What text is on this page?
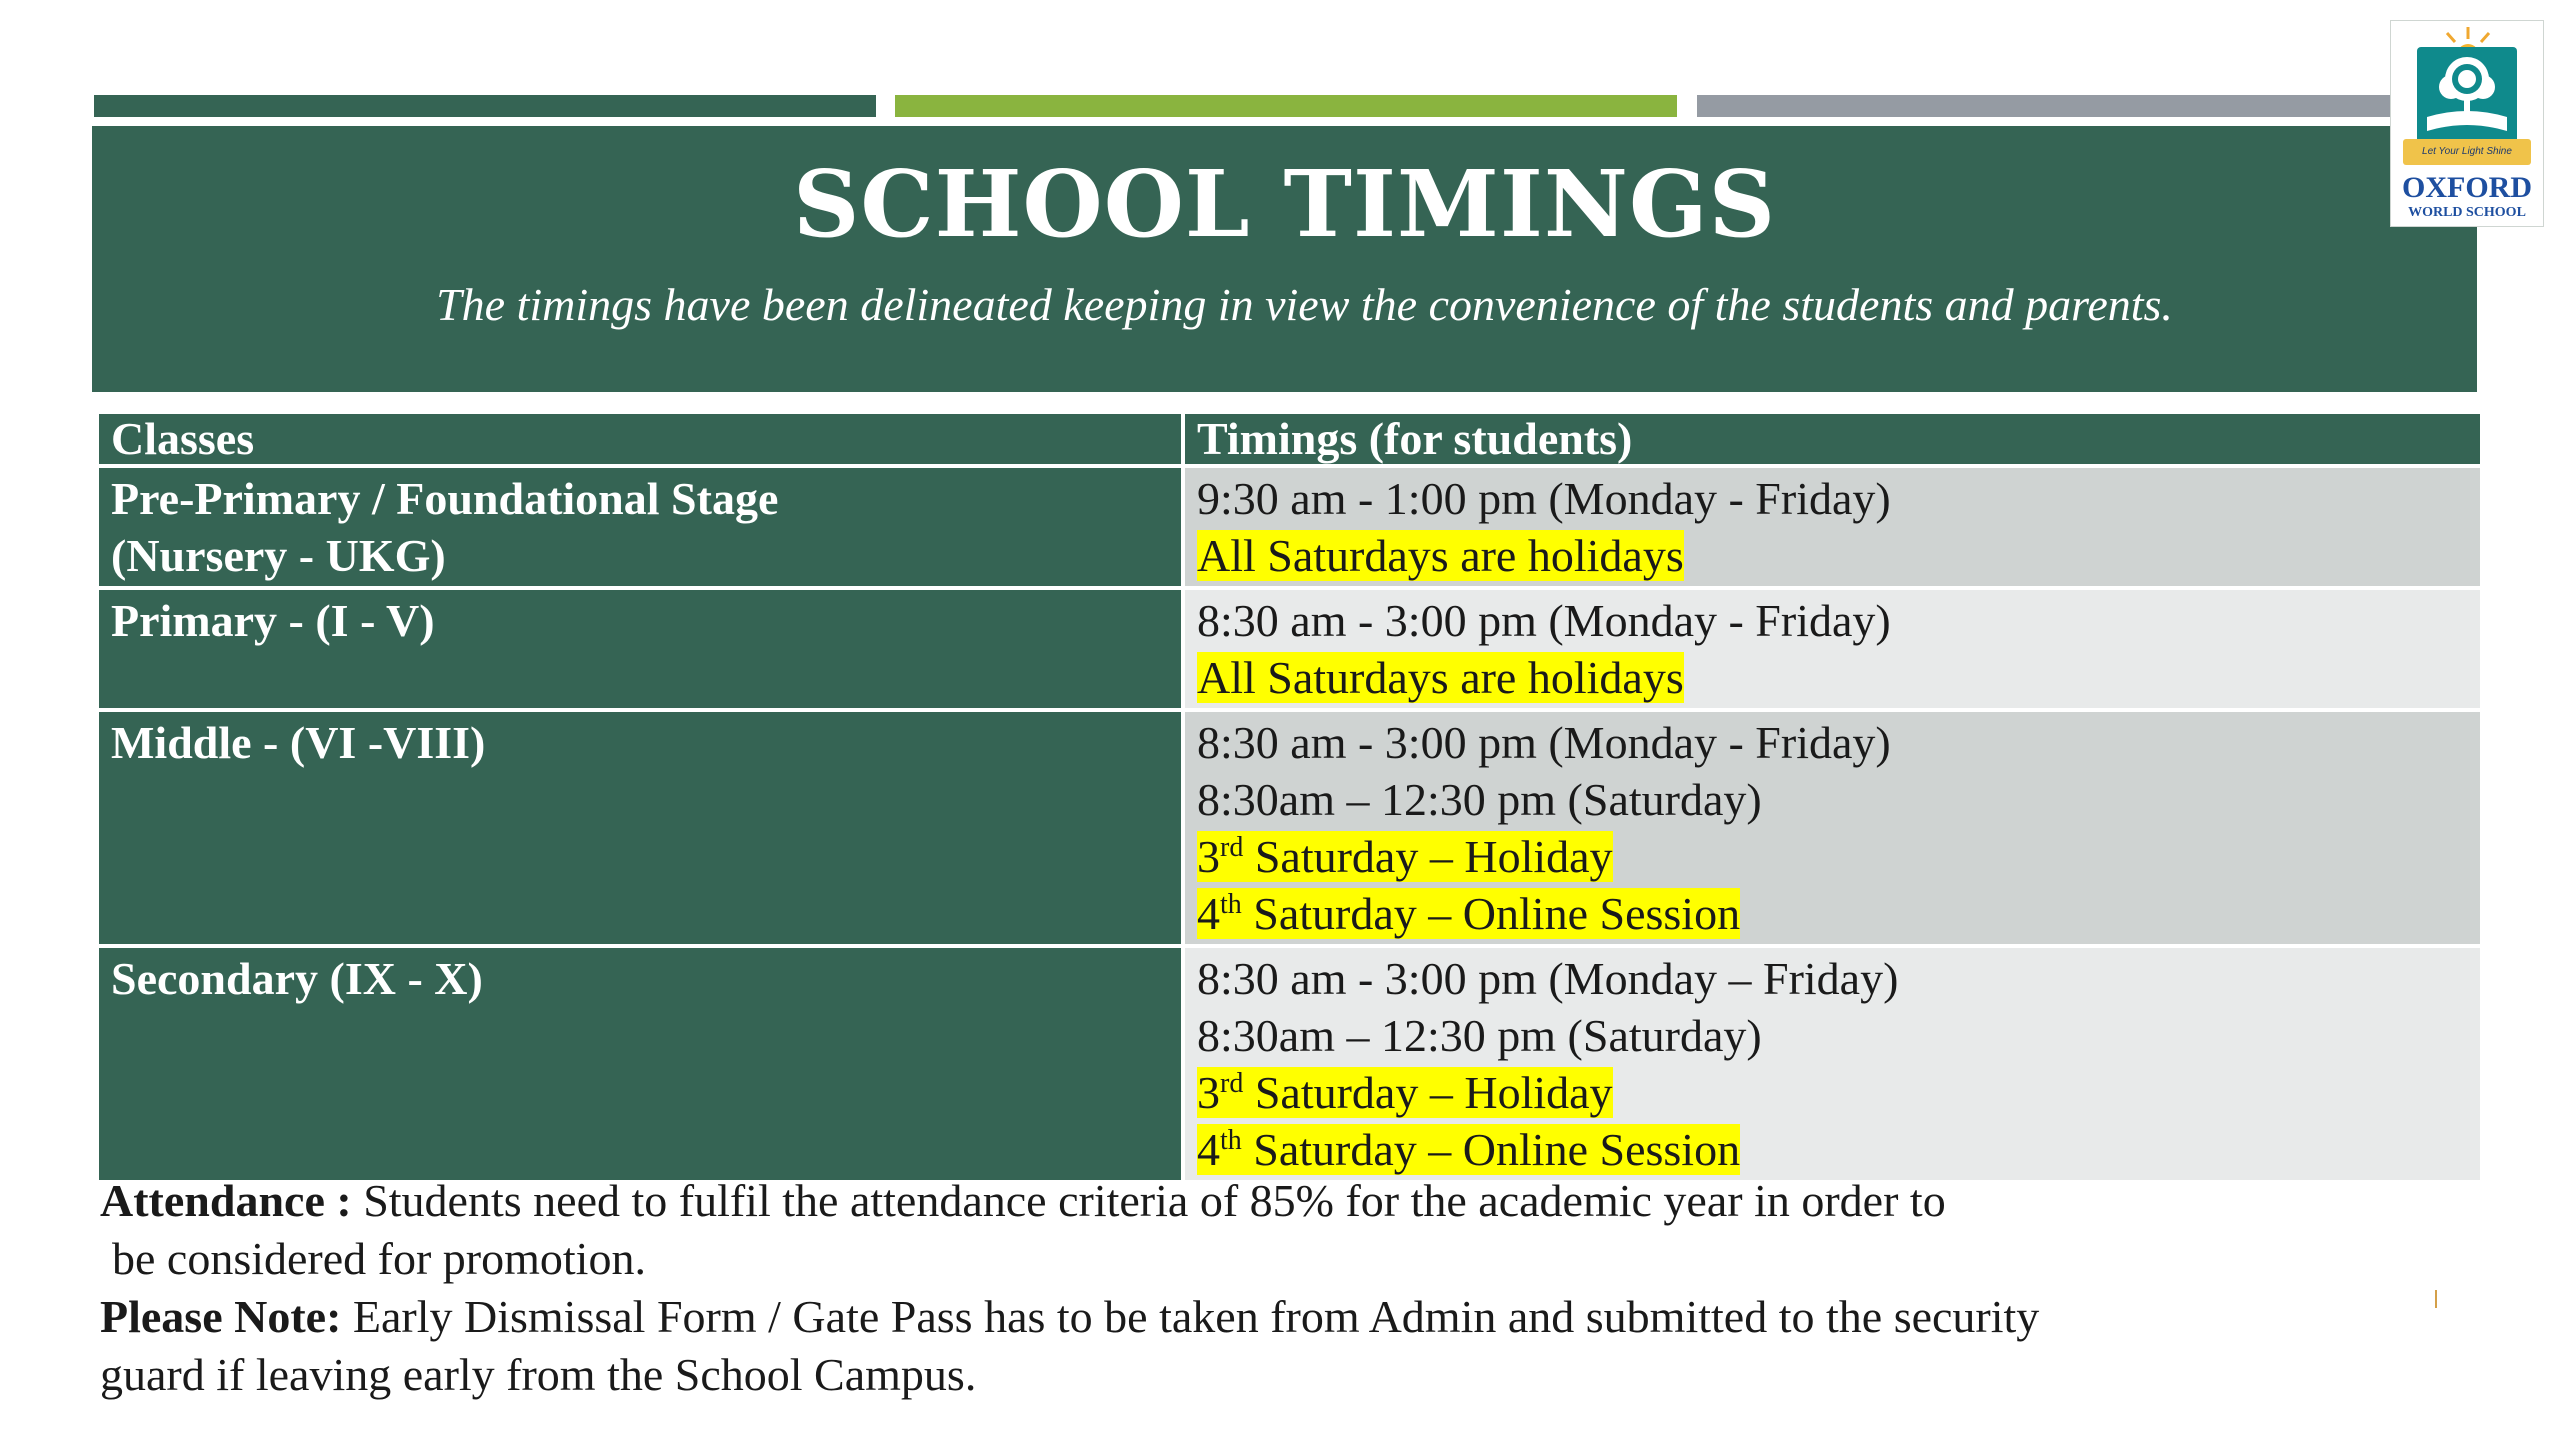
SCHOOL TIMINGS

The timings have been delineated keeping in view the convenience of the students and parents.

Let Your Light Shine
OXFORD
WORLD SCHOOL
Classes	Timings (for students)

Pre-Primary / Foundational Stage
(Nursery - UKG)	9:30 am - 1:00 pm (Monday - Friday)
All Saturdays are holidays

Primary - (I - V)	8:30 am - 3:00 pm (Monday - Friday)
All Saturdays are holidays

Middle - (VI -VIII)	8:30 am - 3:00 pm (Monday - Friday)
8:30am – 12:30 pm (Saturday)
3rd Saturday – Holiday
4th Saturday – Online Session

Secondary (IX - X)	8:30 am - 3:00 pm (Monday – Friday)
8:30am – 12:30 pm (Saturday)
3rd Saturday – Holiday
4th Saturday – Online Session
Attendance : Students need to fulfil the attendance criteria of 85% for the academic year in order to
be considered for promotion.
Please Note: Early Dismissal Form / Gate Pass has to be taken from Admin and submitted to the security
guard if leaving early from the School Campus.
